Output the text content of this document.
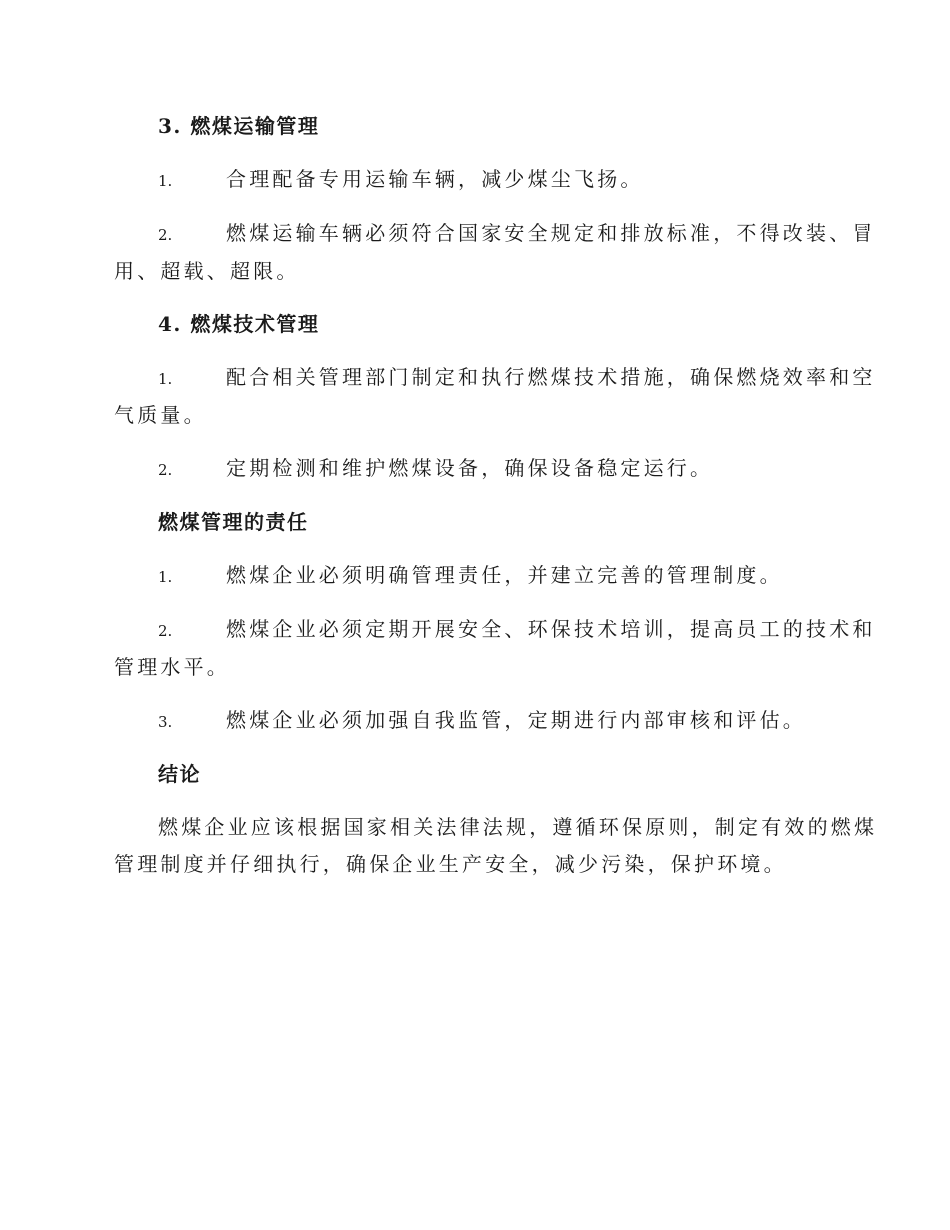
3. 燃煤运输管理
1.	合理配备专用运输车辆，减少煤尘飞扬。
2.	燃煤运输车辆必须符合国家安全规定和排放标准，不得改装、冒
用、超载、超限。
4. 燃煤技术管理
1.	配合相关管理部门制定和执行燃煤技术措施，确保燃烧效率和空
气质量。
2.	定期检测和维护燃煤设备，确保设备稳定运行。
燃煤管理的责任
1.	燃煤企业必须明确管理责任，并建立完善的管理制度。
2.	燃煤企业必须定期开展安全、环保技术培训，提高员工的技术和
管理水平。
3.	燃煤企业必须加强自我监管，定期进行内部审核和评估。
结论
燃煤企业应该根据国家相关法律法规，遵循环保原则，制定有效的燃煤
管理制度并仔细执行，确保企业生产安全，减少污染，保护环境。
